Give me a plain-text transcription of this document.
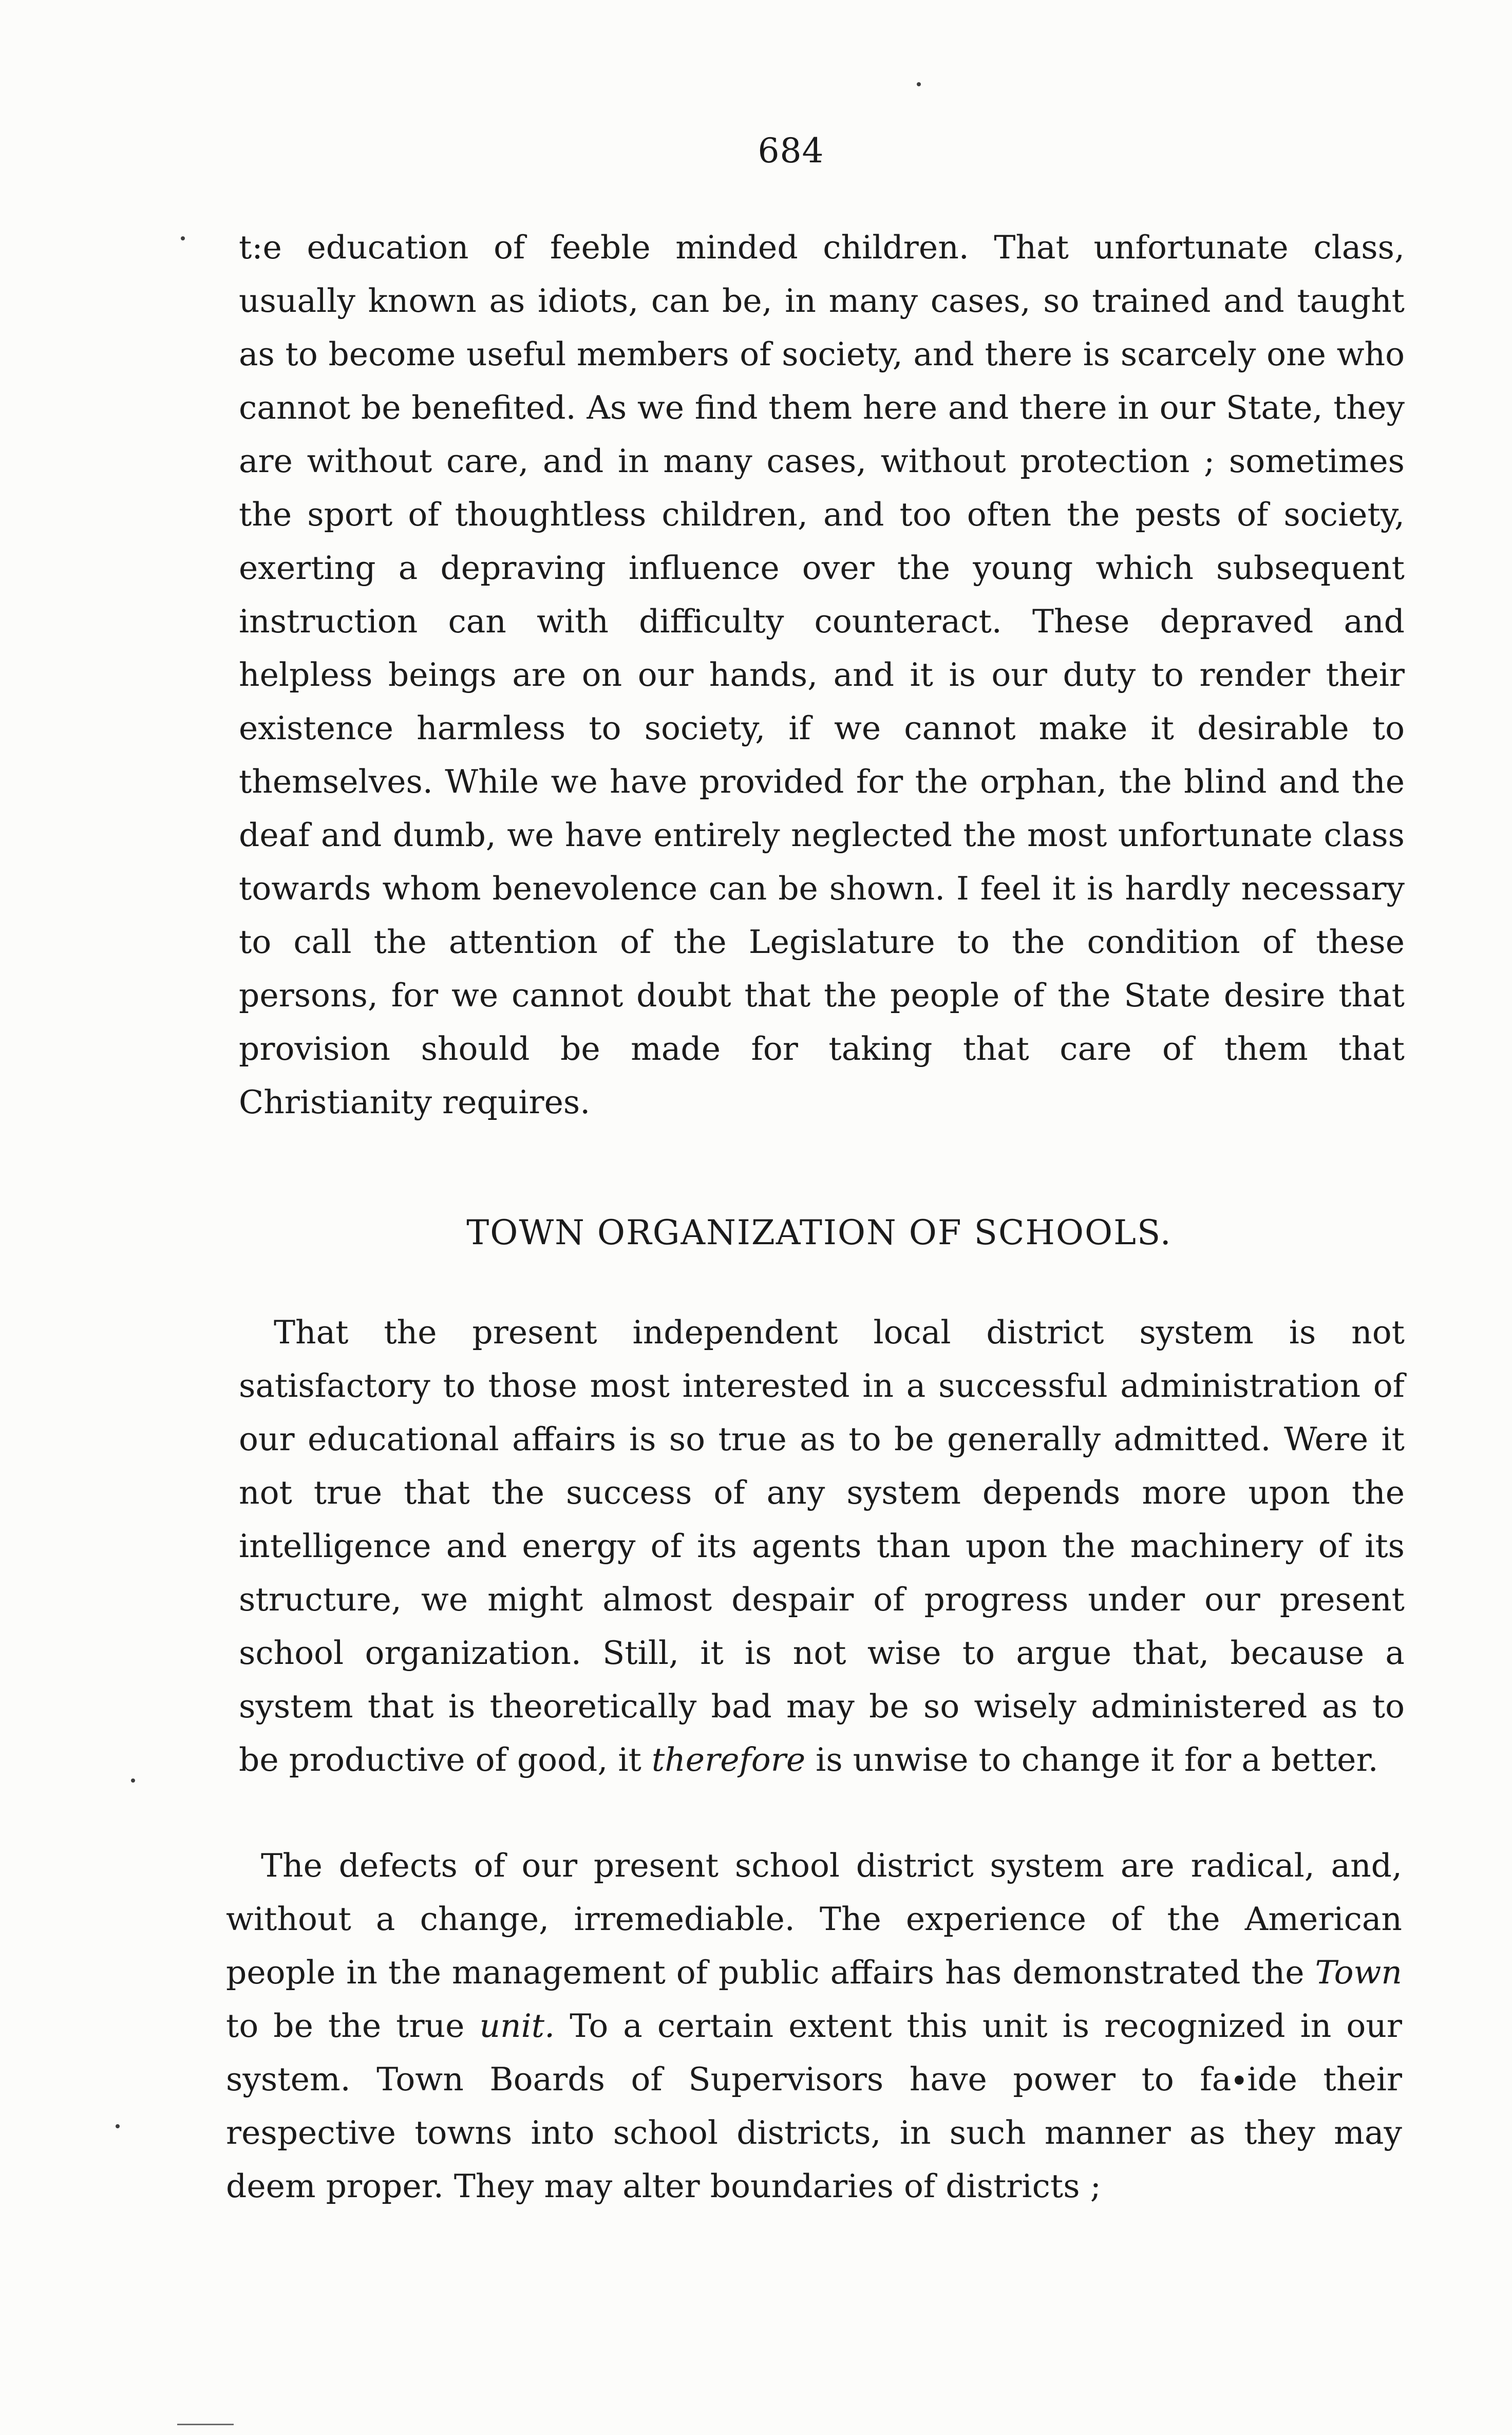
684

t:e education of feeble minded children. That unfortunate class, usually known as idiots, can be, in many cases, so trained and taught as to become useful members of society, and there is scarcely one who cannot be benefited. As we find them here and there in our State, they are without care, and in many cases, without protection ; sometimes the sport of thoughtless children, and too often the pests of society, exerting a depraving influence over the young which subsequent instruction can with difficulty counteract. These depraved and helpless beings are on our hands, and it is our duty to render their existence harmless to society, if we cannot make it desirable to themselves. While we have provided for the orphan, the blind and the deaf and dumb, we have entirely neglected the most unfortunate class towards whom benevolence can be shown. I feel it is hardly necessary to call the attention of the Legislature to the condition of these persons, for we cannot doubt that the people of the State desire that provision should be made for taking that care of them that Christianity requires.

TOWN ORGANIZATION OF SCHOOLS.

That the present independent local district system is not satisfactory to those most interested in a successful administration of our educational affairs is so true as to be generally admitted. Were it not true that the success of any system depends more upon the intelligence and energy of its agents than upon the machinery of its structure, we might almost despair of progress under our present school organization. Still, it is not wise to argue that, because a system that is theoretically bad may be so wisely administered as to be productive of good, it therefore is unwise to change it for a better.

The defects of our present school district system are radical, and, without a change, irremediable. The experience of the American people in the management of public affairs has demonstrated the Town to be the true unit. To a certain extent this unit is recognized in our system. Town Boards of Supervisors have power to fa∙ide their respective towns into school districts, in such manner as they may deem proper. They may alter boundaries of districts ;
